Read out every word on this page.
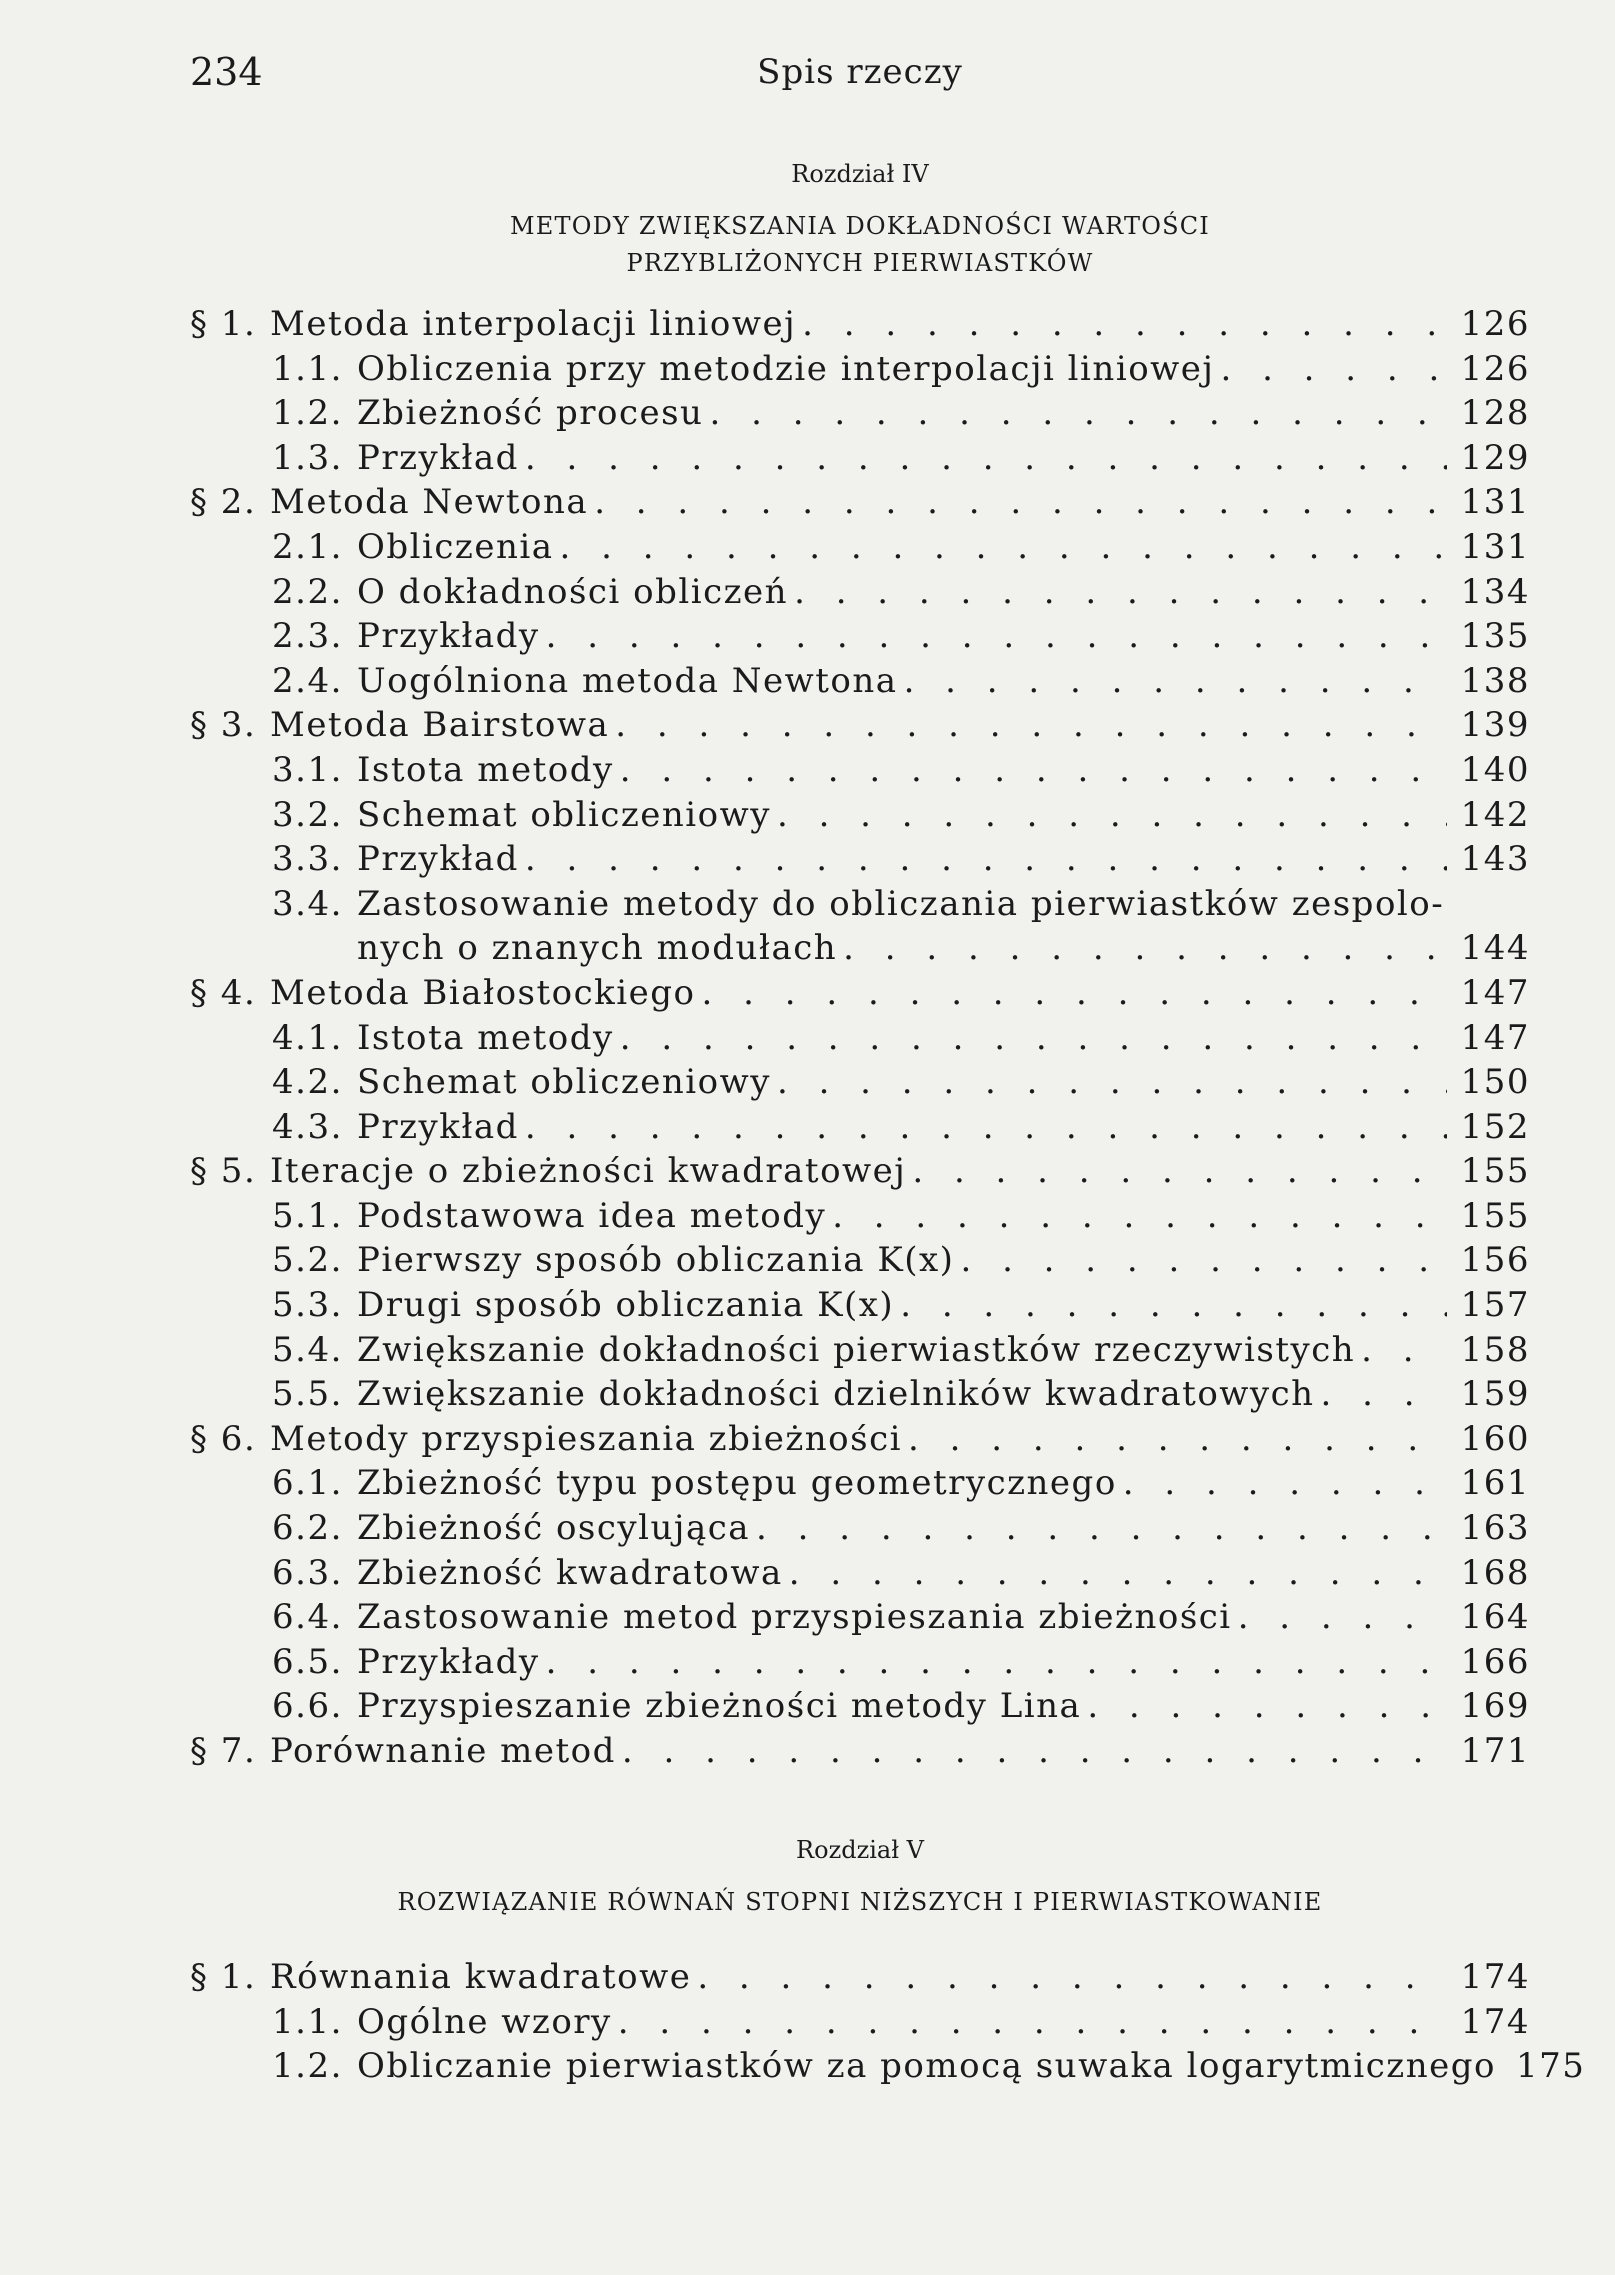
234	Spis rzeczy
Rozdział IV
METODY ZWIĘKSZANIA DOKŁADNOŚCI WARTOŚCI
PRZYBLIŻONYCH PIERWIASTKÓW
§ 1. Metoda interpolacji liniowej . . .	126
1.1. Obliczenia przy metodzie interpolacji liniowej . . .	126
1.2. Zbieżność procesu . . .	128
1.3. Przykład . . .	129
§ 2. Metoda Newtona . . .	131
2.1. Obliczenia . . .	131
2.2. O dokładności obliczeń . . .	134
2.3. Przykłady . . .	135
2.4. Uogólniona metoda Newtona . . .	138
§ 3. Metoda Bairstowa . . .	139
3.1. Istota metody . . .	140
3.2. Schemat obliczeniowy . . .	142
3.3. Przykład . . .	143
3.4. Zastosowanie metody do obliczania pierwiastków zespolo-
nych o znanych modułach . . .	144
§ 4. Metoda Białostockiego . . .	147
4.1. Istota metody . . .	147
4.2. Schemat obliczeniowy . . .	150
4.3. Przykład . . .	152
§ 5. Iteracje o zbieżności kwadratowej . . .	155
5.1. Podstawowa idea metody . . .	155
5.2. Pierwszy sposób obliczania K(x) . . .	156
5.3. Drugi sposób obliczania K(x) . . .	157
5.4. Zwiększanie dokładności pierwiastków rzeczywistych . . .	158
5.5. Zwiększanie dokładności dzielników kwadratowych . . .	159
§ 6. Metody przyspieszania zbieżności . . .	160
6.1. Zbieżność typu postępu geometrycznego . . .	161
6.2. Zbieżność oscylująca . . .	163
6.3. Zbieżność kwadratowa . . .	168
6.4. Zastosowanie metod przyspieszania zbieżności . . .	164
6.5. Przykłady . . .	166
6.6. Przyspieszanie zbieżności metody Lina . . .	169
§ 7. Porównanie metod . . .	171
Rozdział V
ROZWIĄZANIE RÓWNAŃ STOPNI NIŻSZYCH I PIERWIASTKOWANIE
§ 1. Równania kwadratowe . . .	174
1.1. Ogólne wzory . . .	174
1.2. Obliczanie pierwiastków za pomocą suwaka logarytmicznego 175
